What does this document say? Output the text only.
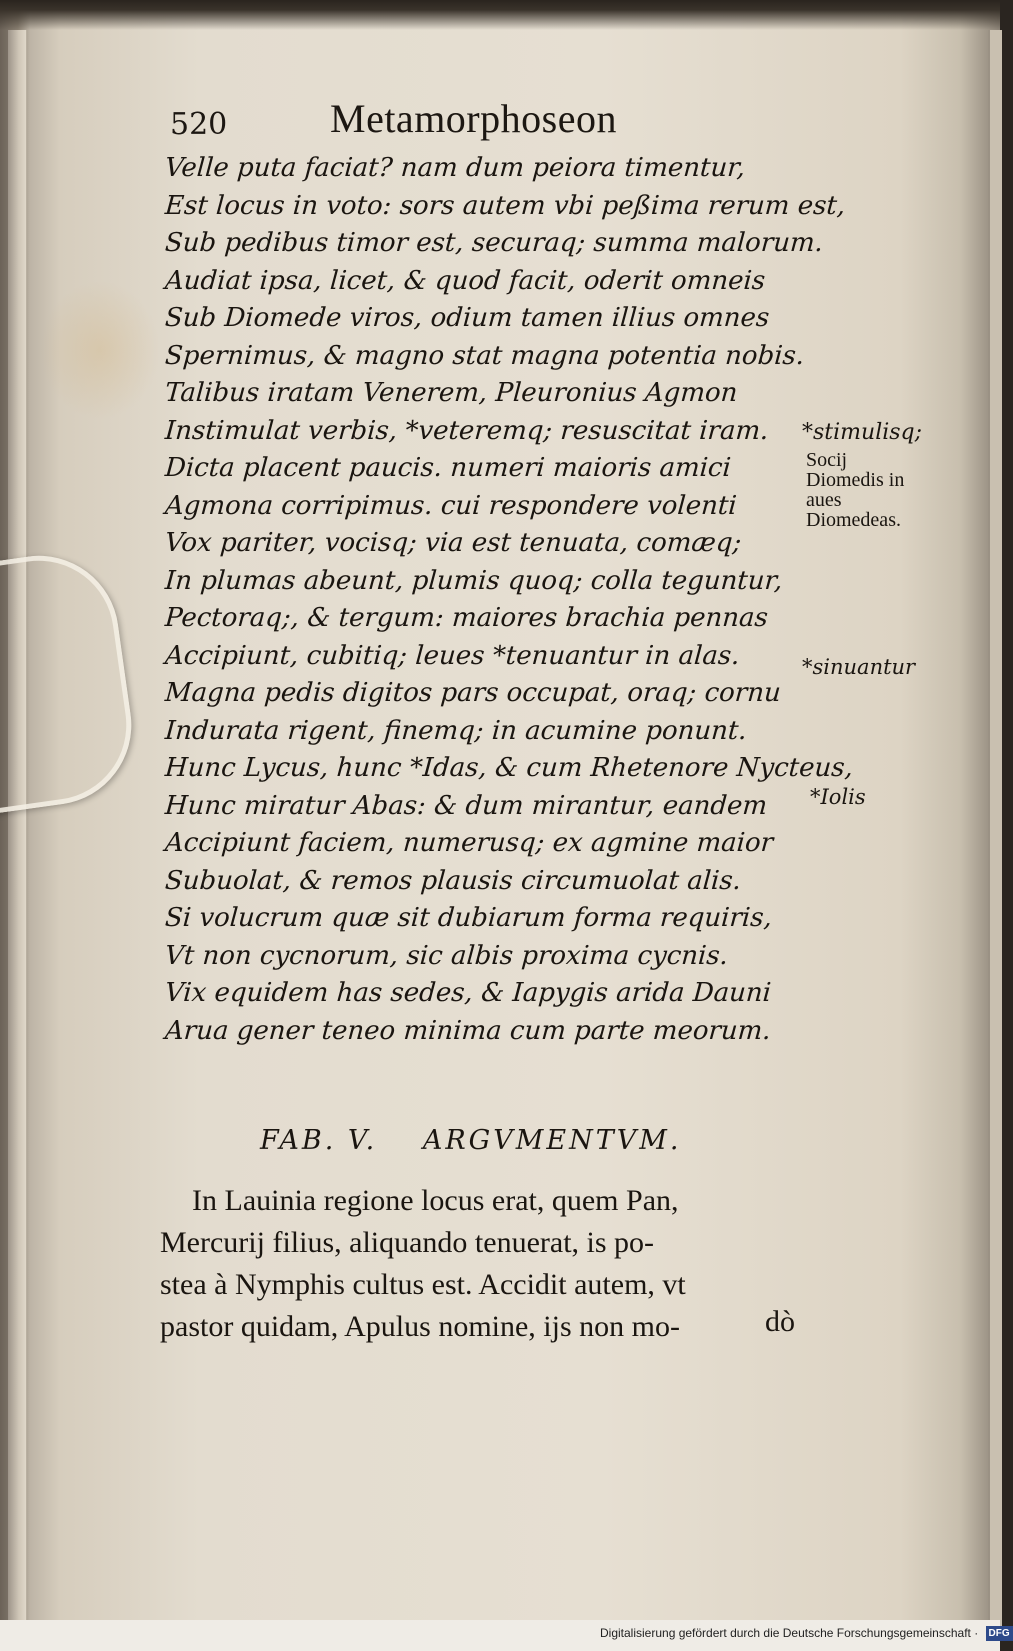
520	Metamorphoseon
Velle puta faciat? nam dum peiora timentur,
Est locus in voto: sors autem vbi peßima rerum est,
Sub pedibus timor est, securaq; summa malorum.
Audiat ipsa, licet, & quod facit, oderit omneis
Sub Diomede viros, odium tamen illius omnes
Spernimus, & magno stat magna potentia nobis.
Talibus iratam Venerem, Pleuronius Agmon
Instimulat verbis, *veteremq; resuscitat iram.
Dicta placent paucis. numeri maioris amici
Agmona corripimus. cui respondere volenti
Vox pariter, vocisq; via est tenuata, comæq;
In plumas abeunt, plumis quoq; colla teguntur,
Pectoraq;, & tergum: maiores brachia pennas
Accipiunt, cubitiq; leues *tenuantur in alas.
Magna pedis digitos pars occupat, oraq; cornu
Indurata rigent, finemq; in acumine ponunt.
Hunc Lycus, hunc *Idas, & cum Rhetenore Nycteus,
Hunc miratur Abas: & dum mirantur, eandem
Accipiunt faciem, numerusq; ex agmine maior
Subuolat, & remos plausis circumuolat alis.
Si volucrum quæ sit dubiarum forma requiris,
Vt non cycnorum, sic albis proxima cycnis.
Vix equidem has sedes, & Iapygis arida Dauni
Arua gener teneo minima cum parte meorum.
*stimulisq;
Socij Diomedis in aues Diomedeas.
*sinuantur
*Iolis
FAB. V. ARGVMENTVM.
In Lauinia regione locus erat, quem Pan,
Mercurij filius, aliquando tenuerat, is po-
stea à Nymphis cultus est. Accidit autem, vt
pastor quidam, Apulus nomine, ijs non mo-	dò
Digitalisierung gefördert durch die Deutsche Forschungsgemeinschaft · DFG
